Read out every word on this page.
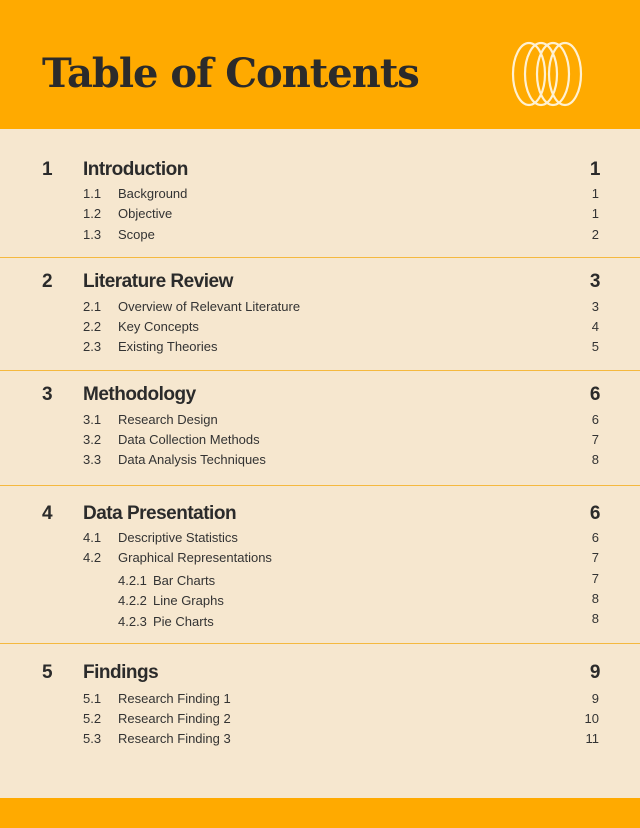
Table of Contents
1 Introduction	1
1.1 Background	1
1.2 Objective	1
1.3 Scope	2
2 Literature Review	3
2.1 Overview of Relevant Literature	3
2.2 Key Concepts	4
2.3 Existing Theories	5
3 Methodology	6
3.1 Research Design	6
3.2 Data Collection Methods	7
3.3 Data Analysis Techniques	8
4 Data Presentation	6
4.1 Descriptive Statistics	6
4.2 Graphical Representations	7
4.2.1 Bar Charts	7
4.2.2 Line Graphs	8
4.2.3 Pie Charts	8
5 Findings	9
5.1 Research Finding 1	9
5.2 Research Finding 2	10
5.3 Research Finding 3	11
